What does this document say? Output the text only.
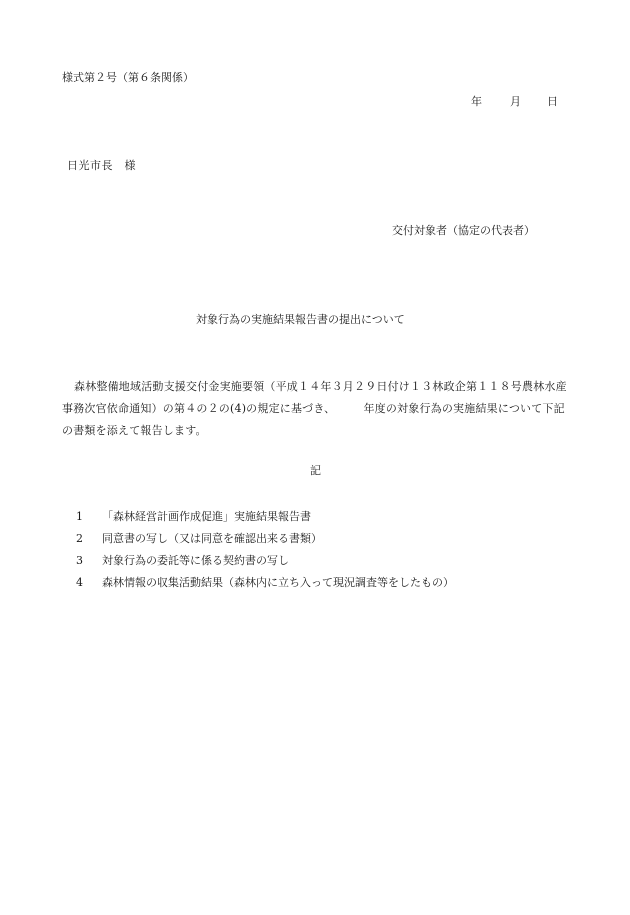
様式第２号（第６条関係）
年	月 日
日光市長　様
交付対象者（協定の代表者）
対象行為の実施結果報告書の提出について
森林整備地域活動支援交付金実施要領（平成１４年３月２９日付け１３林政企第１１８号農林水産事務次官依命通知）の第４の２の(4)の規定に基づき、　　　年度の対象行為の実施結果について下記の書類を添えて報告します。
記
1 「森林経営計画作成促進」実施結果報告書
2 同意書の写し（又は同意を確認出来る書類）
3 対象行為の委託等に係る契約書の写し
4 森林情報の収集活動結果（森林内に立ち入って現況調査等をしたもの）
